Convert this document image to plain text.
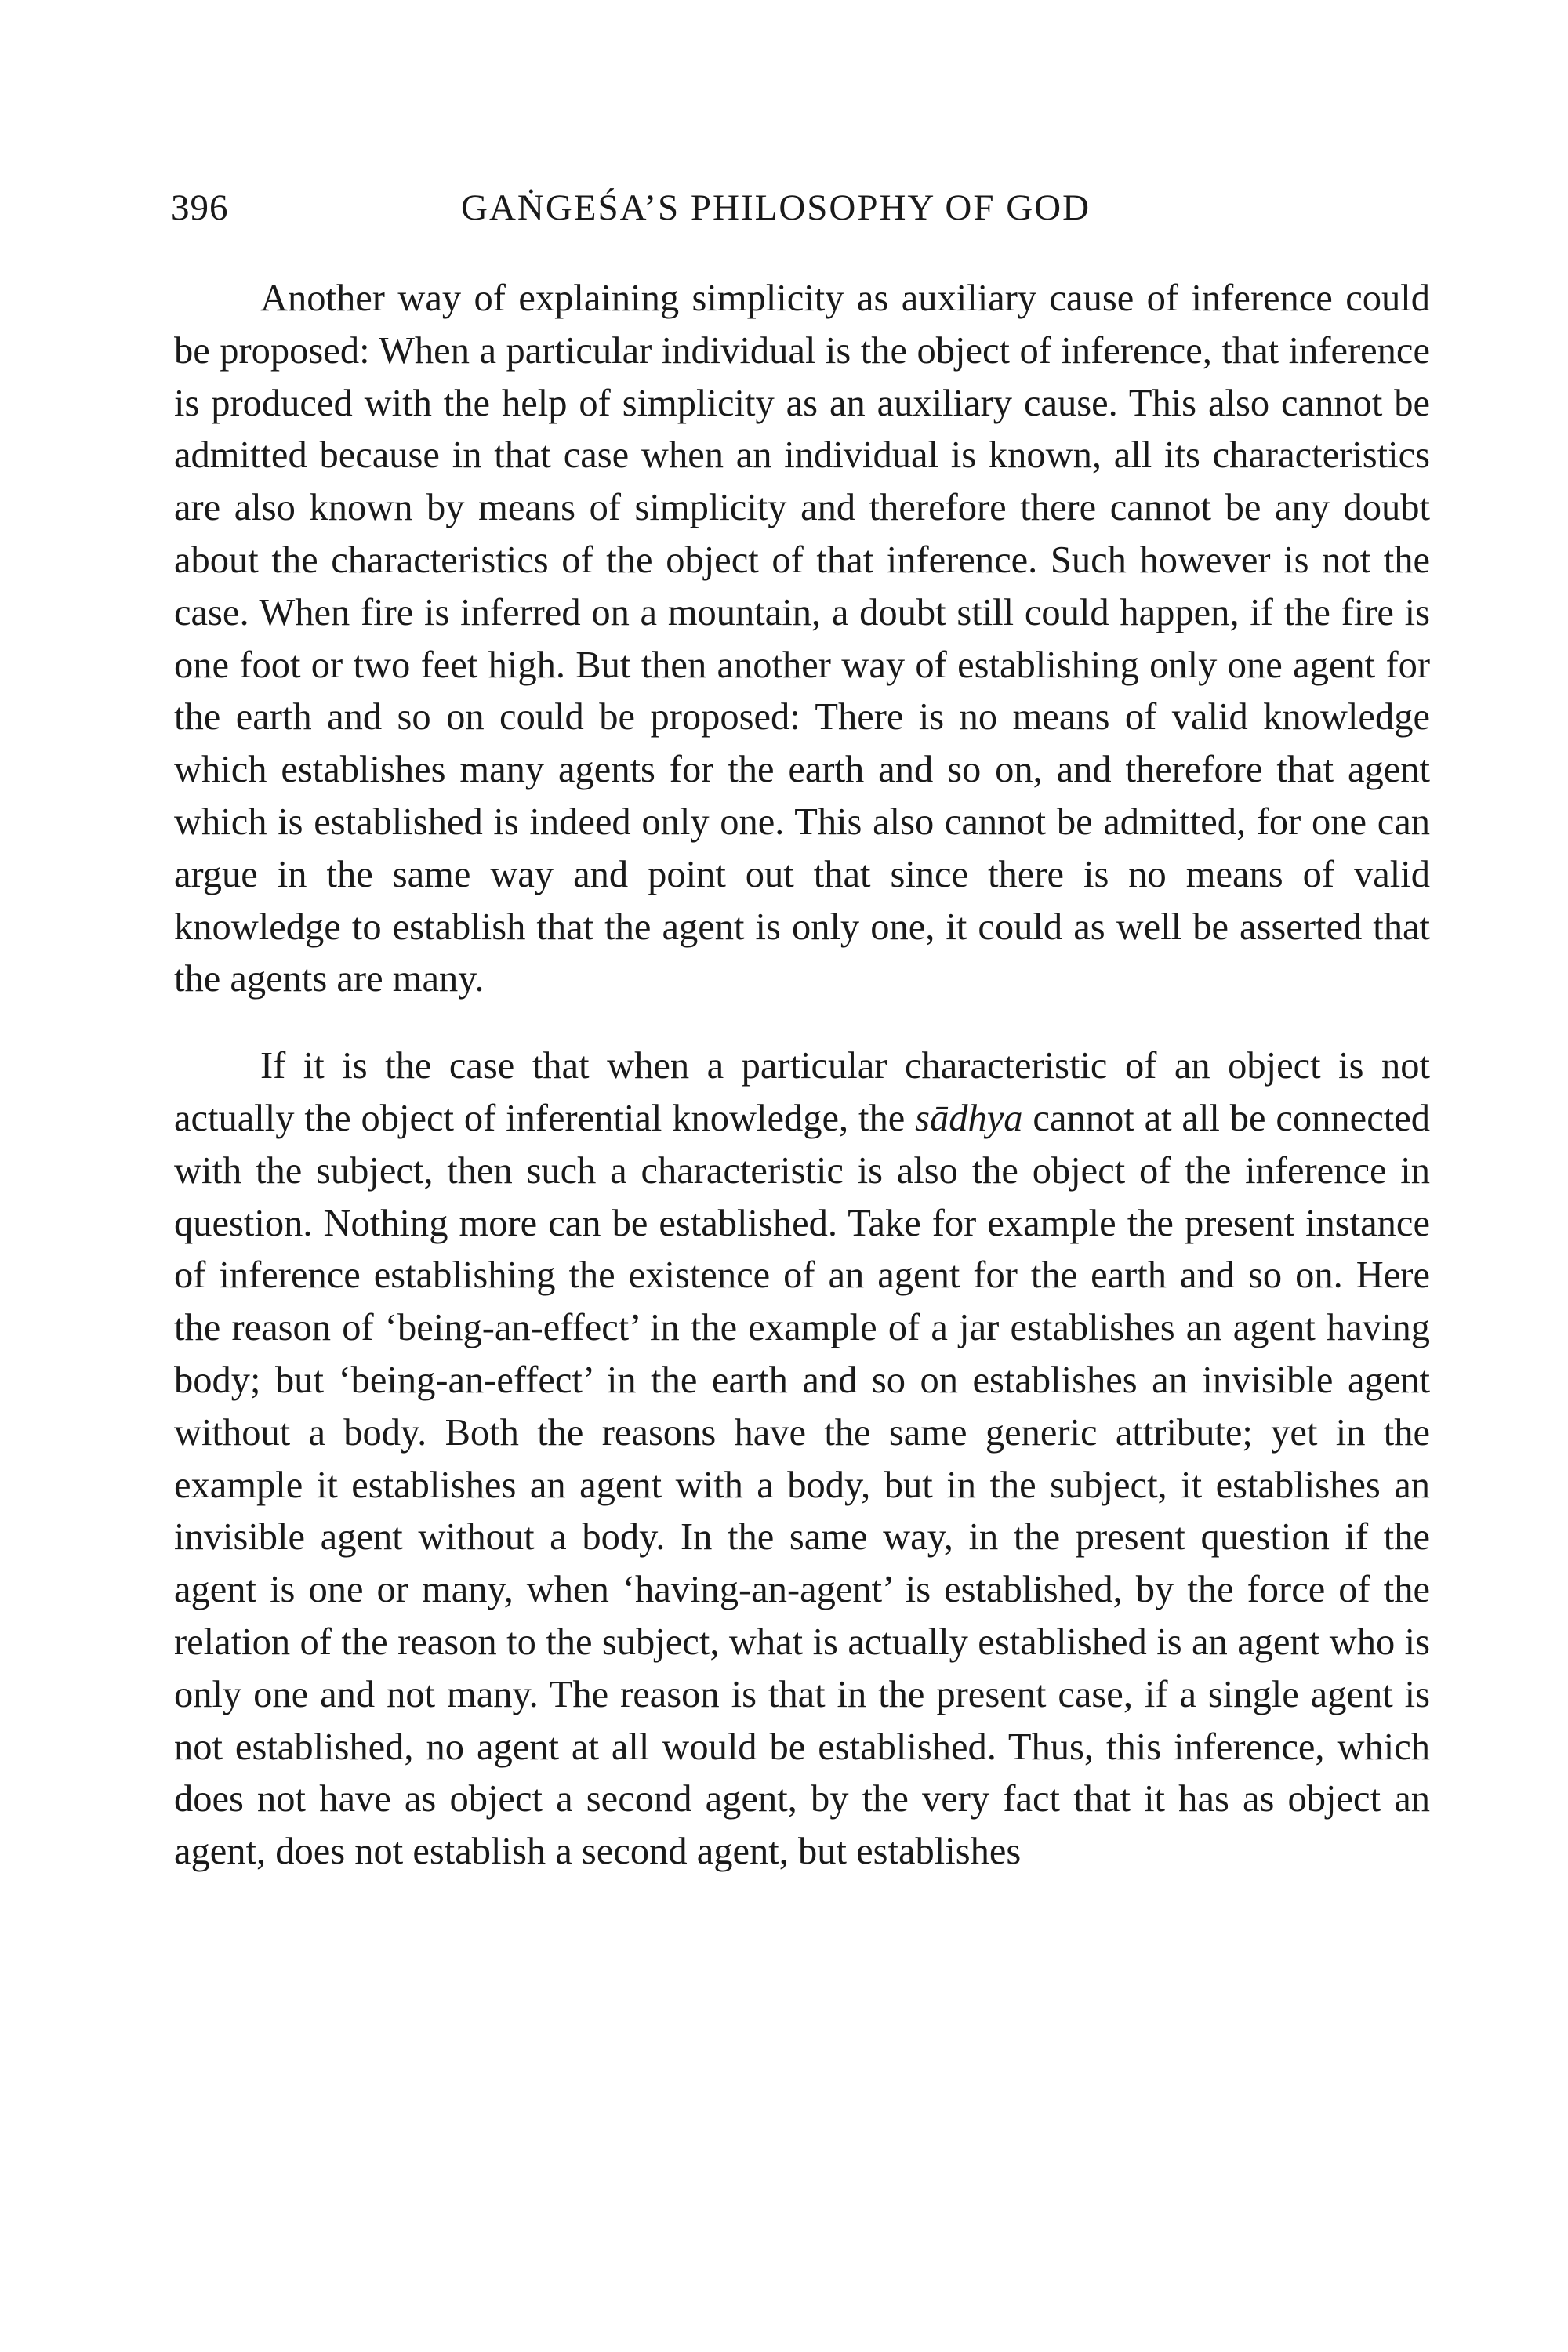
396	GAṄGEŚA’S PHILOSOPHY OF GOD

Another way of explaining simplicity as auxiliary cause of inference could be proposed: When a particular individual is the object of inference, that inference is produced with the help of simplicity as an auxiliary cause. This also cannot be admitted because in that case when an individual is known, all its characteristics are also known by means of simplicity and therefore there cannot be any doubt about the characteristics of the object of that inference. Such however is not the case. When fire is inferred on a mountain, a doubt still could happen, if the fire is one foot or two feet high. But then another way of establishing only one agent for the earth and so on could be proposed: There is no means of valid knowledge which establishes many agents for the earth and so on, and therefore that agent which is established is indeed only one. This also cannot be admitted, for one can argue in the same way and point out that since there is no means of valid knowledge to establish that the agent is only one, it could as well be asserted that the agents are many.

If it is the case that when a particular characteristic of an object is not actually the object of inferential knowledge, the sādhya cannot at all be connected with the subject, then such a characteristic is also the object of the inference in question. Nothing more can be established. Take for example the present instance of inference establishing the existence of an agent for the earth and so on. Here the reason of ‘being-an-effect’ in the example of a jar establishes an agent having body; but ‘being-an-effect’ in the earth and so on establishes an invisible agent without a body. Both the reasons have the same generic attribute; yet in the example it establishes an agent with a body, but in the subject, it establishes an invisible agent without a body. In the same way, in the present question if the agent is one or many, when ‘having-an-agent’ is established, by the force of the relation of the reason to the subject, what is actually established is an agent who is only one and not many. The reason is that in the present case, if a single agent is not established, no agent at all would be established. Thus, this inference, which does not have as object a second agent, by the very fact that it has as object an agent, does not establish a second agent, but establishes
